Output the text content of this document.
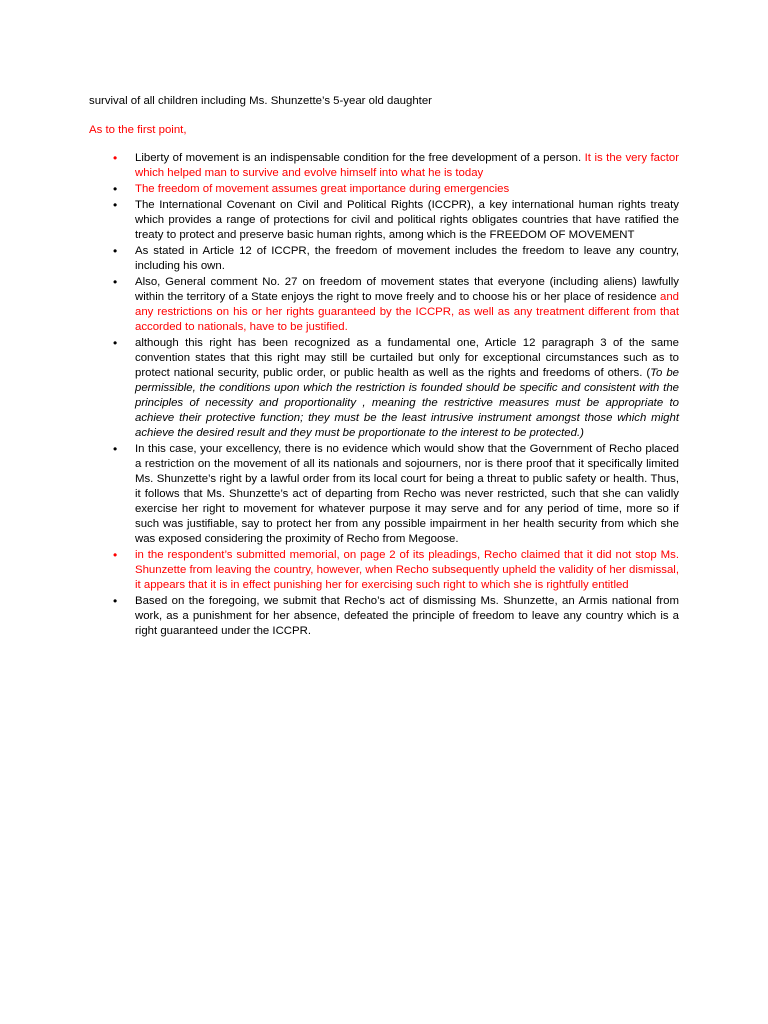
survival of all children including Ms. Shunzette’s 5-year old daughter

As to the first point,

•	Liberty of movement is an indispensable condition for the free development of a person. It is the very factor which helped man to survive and evolve himself into what he is today
•	The freedom of movement assumes great importance during emergencies
•	The International Covenant on Civil and Political Rights (ICCPR), a key international human rights treaty which provides a range of protections for civil and political rights obligates countries that have ratified the treaty to protect and preserve basic human rights, among which is the FREEDOM OF MOVEMENT
•	As stated in Article 12 of ICCPR, the freedom of movement includes the freedom to leave any country, including his own.
•	Also, General comment No. 27 on freedom of movement states that everyone (including aliens) lawfully within the territory of a State enjoys the right to move freely and to choose his or her place of residence and any restrictions on his or her rights guaranteed by the ICCPR, as well as any treatment different from that accorded to nationals, have to be justified.
•	although this right has been recognized as a fundamental one, Article 12 paragraph 3 of the same convention states that this right may still be curtailed but only for exceptional circumstances such as to protect national security, public order, or public health as well as the rights and freedoms of others. (To be permissible, the conditions upon which the restriction is founded should be specific and consistent with the principles of necessity and proportionality , meaning the restrictive measures must be appropriate to achieve their protective function; they must be the least intrusive instrument amongst those which might achieve the desired result and they must be proportionate to the interest to be protected.)
•	In this case, your excellency, there is no evidence which would show that the Government of Recho placed a restriction on the movement of all its nationals and sojourners, nor is there proof that it specifically limited Ms. Shunzette’s right by a lawful order from its local court for being a threat to public safety or health. Thus, it follows that Ms. Shunzette’s act of departing from Recho was never restricted, such that she can validly exercise her right to movement for whatever purpose it may serve and for any period of time, more so if such was justifiable, say to protect her from any possible impairment in her health security from which she was exposed considering the proximity of Recho from Megoose.
•	in the respondent’s submitted memorial, on page 2 of its pleadings, Recho claimed that it did not stop Ms. Shunzette from leaving the country, however, when Recho subsequently upheld the validity of her dismissal, it appears that it is in effect punishing her for exercising such right to which she is rightfully entitled
•	Based on the foregoing, we submit that Recho’s act of dismissing Ms. Shunzette, an Armis national from work, as a punishment for her absence, defeated the principle of freedom to leave any country which is a right guaranteed under the ICCPR.
